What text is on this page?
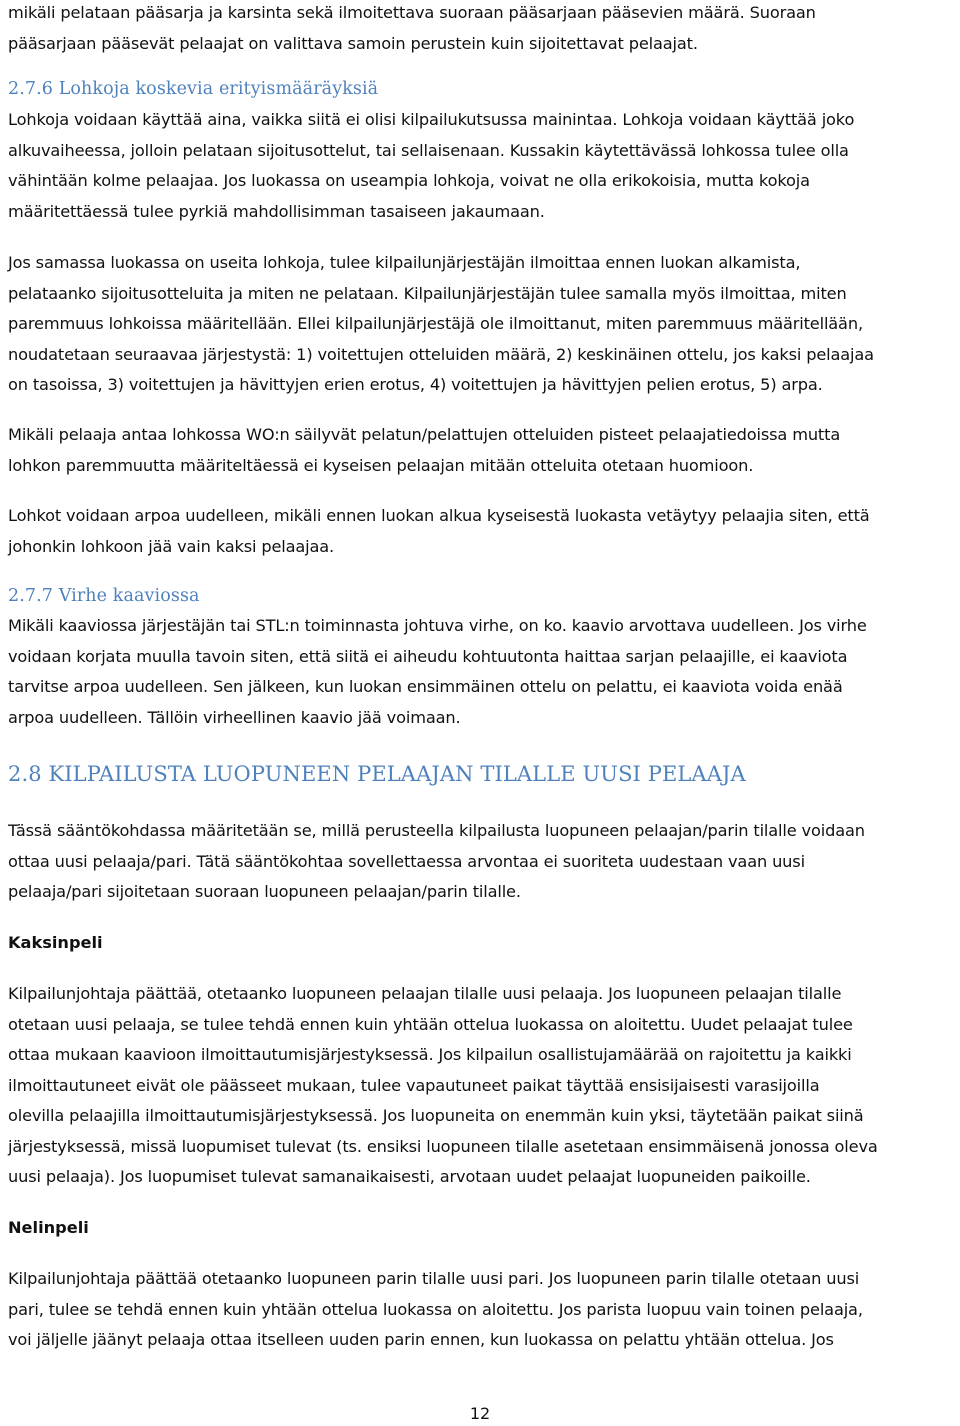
mikäli pelataan pääsarja ja karsinta sekä ilmoitettava suoraan pääsarjaan pääsevien määrä. Suoraan
pääsarjaan pääsevät pelaajat on valittava samoin perustein kuin sijoitettavat pelaajat.
2.7.6 Lohkoja koskevia erityismääräyksiä
Lohkoja voidaan käyttää aina, vaikka siitä ei olisi kilpailukutsussa mainintaa. Lohkoja voidaan käyttää joko
alkuvaiheessa, jolloin pelataan sijoitusottelut, tai sellaisenaan. Kussakin käytettävässä lohkossa tulee olla
vähintään kolme pelaajaa. Jos luokassa on useampia lohkoja, voivat ne olla erikokoisia, mutta kokoja
määritettäessä tulee pyrkiä mahdollisimman tasaiseen jakaumaan.
Jos samassa luokassa on useita lohkoja, tulee kilpailunjärjestäjän ilmoittaa ennen luokan alkamista,
pelataanko sijoitusotteluita ja miten ne pelataan. Kilpailunjärjestäjän tulee samalla myös ilmoittaa, miten
paremmuus lohkoissa määritellään. Ellei kilpailunjärjestäjä ole ilmoittanut, miten paremmuus määritellään,
noudatetaan seuraavaa järjestystä: 1) voitettujen otteluiden määrä, 2) keskinäinen ottelu, jos kaksi pelaajaa
on tasoissa, 3) voitettujen ja hävittyjen erien erotus, 4) voitettujen ja hävittyjen pelien erotus, 5) arpa.
Mikäli pelaaja antaa lohkossa WO:n säilyvät pelatun/pelattujen otteluiden pisteet pelaajatiedoissa mutta
lohkon paremmuutta määriteltäessä ei kyseisen pelaajan mitään otteluita otetaan huomioon.
Lohkot voidaan arpoa uudelleen, mikäli ennen luokan alkua kyseisestä luokasta vetäytyy pelaajia siten, että
johonkin lohkoon jää vain kaksi pelaajaa.
2.7.7 Virhe kaaviossa
Mikäli kaaviossa järjestäjän tai STL:n toiminnasta johtuva virhe, on ko. kaavio arvottava uudelleen. Jos virhe
voidaan korjata muulla tavoin siten, että siitä ei aiheudu kohtuutonta haittaa sarjan pelaajille, ei kaaviota
tarvitse arpoa uudelleen. Sen jälkeen, kun luokan ensimmäinen ottelu on pelattu, ei kaaviota voida enää
arpoa uudelleen. Tällöin virheellinen kaavio jää voimaan.
2.8 KILPAILUSTA LUOPUNEEN PELAAJAN TILALLE UUSI PELAAJA
Tässä sääntökohdassa määritetään se, millä perusteella kilpailusta luopuneen pelaajan/parin tilalle voidaan
ottaa uusi pelaaja/pari. Tätä sääntökohtaa sovellettaessa arvontaa ei suoriteta uudestaan vaan uusi
pelaaja/pari sijoitetaan suoraan luopuneen pelaajan/parin tilalle.
Kaksinpeli
Kilpailunjohtaja päättää, otetaanko luopuneen pelaajan tilalle uusi pelaaja. Jos luopuneen pelaajan tilalle
otetaan uusi pelaaja, se tulee tehdä ennen kuin yhtään ottelua luokassa on aloitettu. Uudet pelaajat tulee
ottaa mukaan kaavioon ilmoittautumisjärjestyksessä. Jos kilpailun osallistujamäärää on rajoitettu ja kaikki
ilmoittautuneet eivät ole päässeet mukaan, tulee vapautuneet paikat täyttää ensisijaisesti varasijoilla
olevilla pelaajilla ilmoittautumisjärjestyksessä. Jos luopuneita on enemmän kuin yksi, täytetään paikat siinä
järjestyksessä, missä luopumiset tulevat (ts. ensiksi luopuneen tilalle asetetaan ensimmäisenä jonossa oleva
uusi pelaaja). Jos luopumiset tulevat samanaikaisesti, arvotaan uudet pelaajat luopuneiden paikoille.
Nelinpeli
Kilpailunjohtaja päättää otetaanko luopuneen parin tilalle uusi pari. Jos luopuneen parin tilalle otetaan uusi
pari, tulee se tehdä ennen kuin yhtään ottelua luokassa on aloitettu. Jos parista luopuu vain toinen pelaaja,
voi jäljelle jäänyt pelaaja ottaa itselleen uuden parin ennen, kun luokassa on pelattu yhtään ottelua. Jos
12
